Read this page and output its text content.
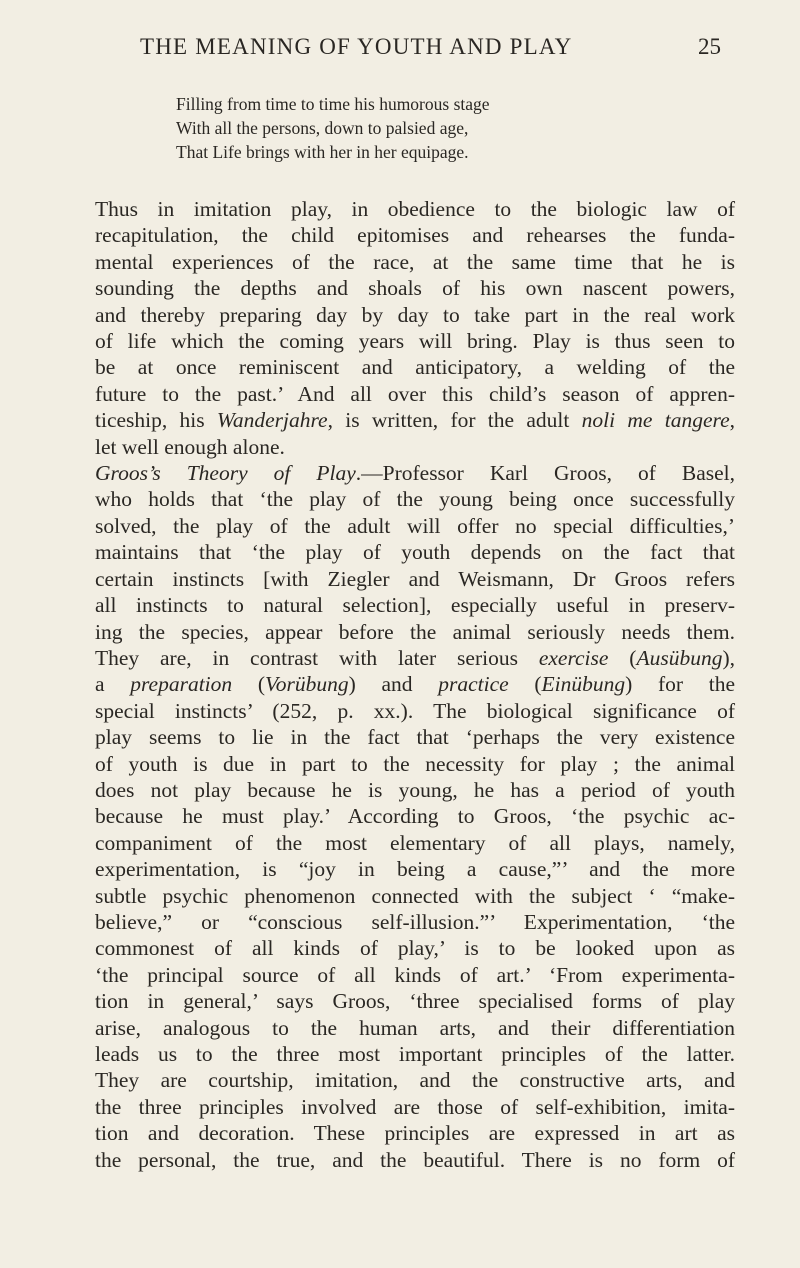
THE MEANING OF YOUTH AND PLAY	25
Filling from time to time his humorous stage
With all the persons, down to palsied age,
That Life brings with her in her equipage.
Thus in imitation play, in obedience to the biologic law of
recapitulation, the child epitomises and rehearses the funda-
mental experiences of the race, at the same time that he is
sounding the depths and shoals of his own nascent powers,
and thereby preparing day by day to take part in the real work
of life which the coming years will bring. Play is thus seen to
be at once reminiscent and anticipatory, a welding of the
future to the past.’ And all over this child’s season of appren-
ticeship, his Wanderjahre, is written, for the adult noli me tangere,
let well enough alone.
Groos’s Theory of Play.—Professor Karl Groos, of Basel,
who holds that ‘the play of the young being once successfully
solved, the play of the adult will offer no special difficulties,’
maintains that ‘the play of youth depends on the fact that
certain instincts [with Ziegler and Weismann, Dr Groos refers
all instincts to natural selection], especially useful in preserv-
ing the species, appear before the animal seriously needs them.
They are, in contrast with later serious exercise (Ausübung),
a preparation (Vorübung) and practice (Einübung) for the
special instincts’ (252, p. xx.). The biological significance of
play seems to lie in the fact that ‘perhaps the very existence
of youth is due in part to the necessity for play ; the animal
does not play because he is young, he has a period of youth
because he must play.’ According to Groos, ‘the psychic ac-
companiment of the most elementary of all plays, namely,
experimentation, is “joy in being a cause,”’ and the more
subtle psychic phenomenon connected with the subject ‘ “make-
believe,” or “conscious self-illusion.”’ Experimentation, ‘the
commonest of all kinds of play,’ is to be looked upon as
‘the principal source of all kinds of art.’ ‘From experimenta-
tion in general,’ says Groos, ‘three specialised forms of play
arise, analogous to the human arts, and their differentiation
leads us to the three most important principles of the latter.
They are courtship, imitation, and the constructive arts, and
the three principles involved are those of self-exhibition, imita-
tion and decoration. These principles are expressed in art as
the personal, the true, and the beautiful. There is no form of
